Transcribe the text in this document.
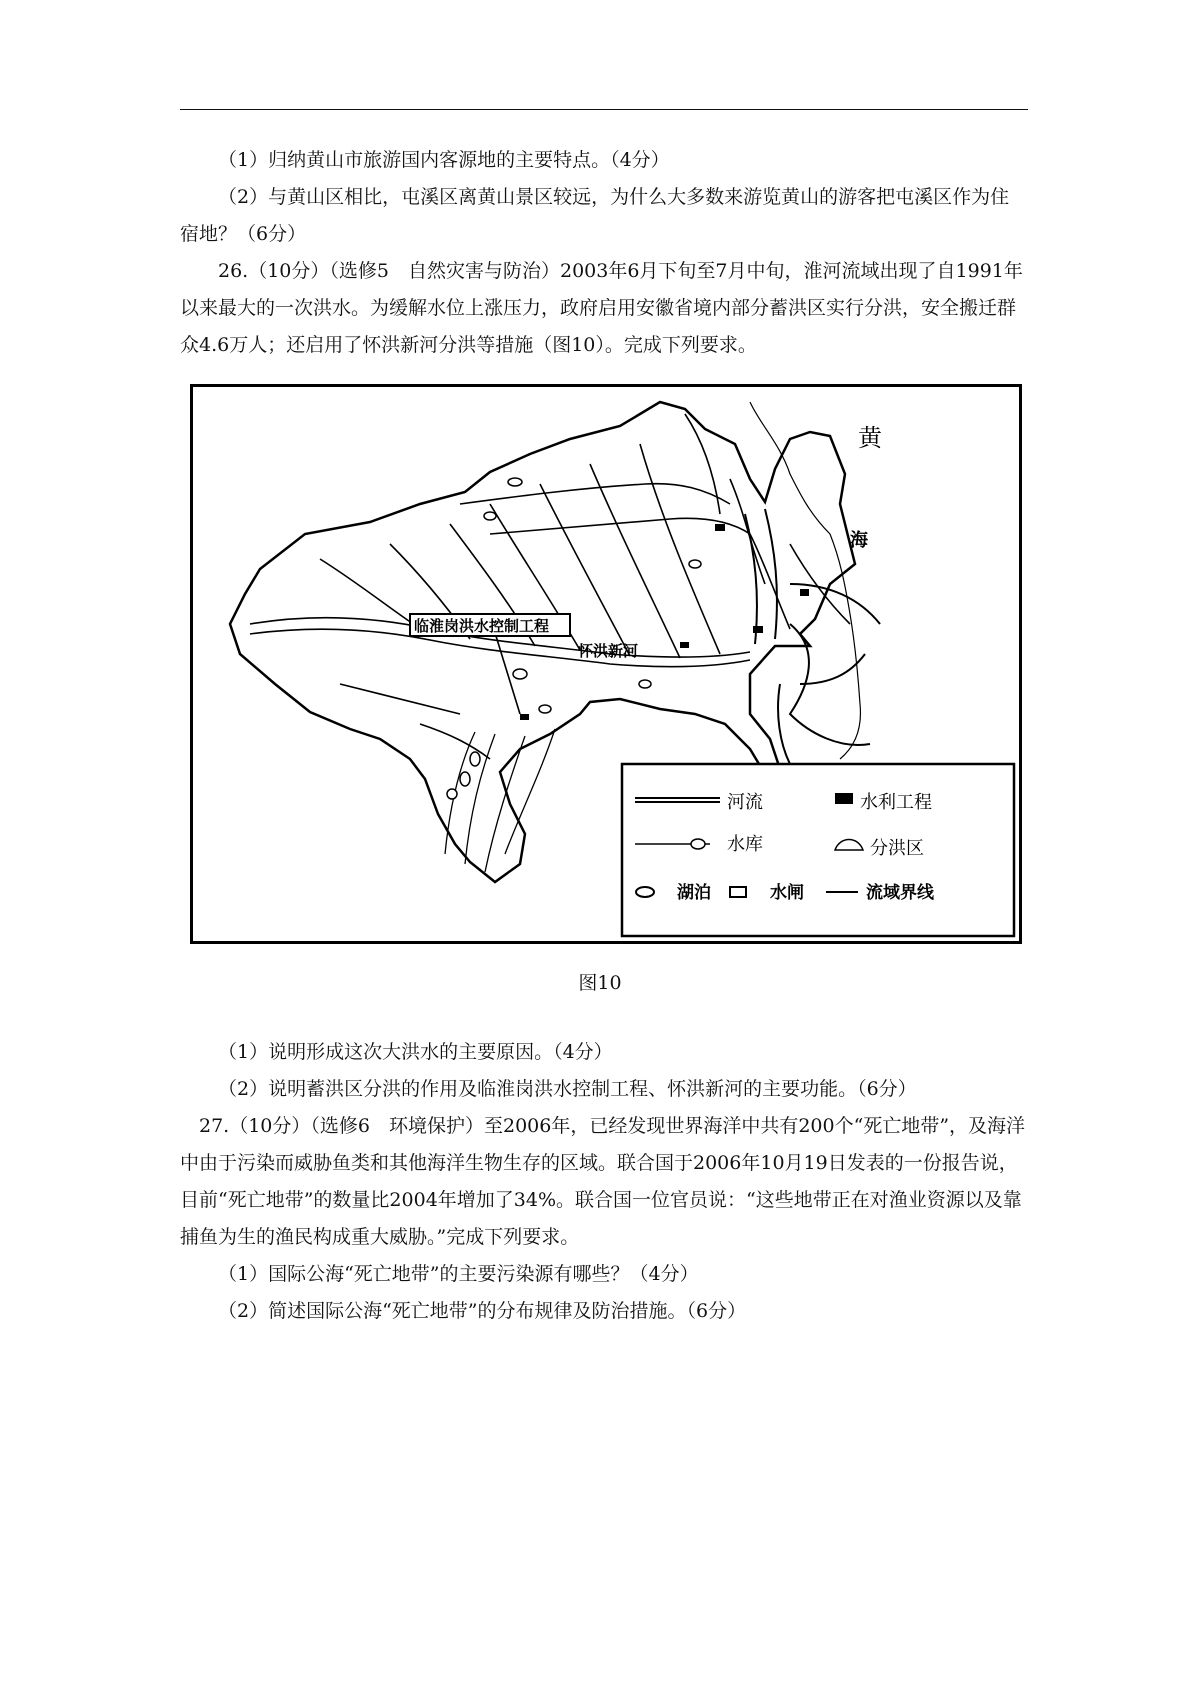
（1）归纳黄山市旅游国内客源地的主要特点。（4分）

（2）与黄山区相比，屯溪区离黄山景区较远，为什么大多数来游览黄山的游客把屯溪区作为住宿地？（6分）

26.（10分）（选修5　自然灾害与防治）2003年6月下旬至7月中旬，淮河流域出现了自1991年以来最大的一次洪水。为缓解水位上涨压力，政府启用安徽省境内部分蓄洪区实行分洪，安全搬迁群众4.6万人；还启用了怀洪新河分洪等措施（图10）。完成下列要求。

黄
海
临淮岗洪水控制工程
怀洪新河
河流	水利工程
水库	分洪区
湖泊	水闸	流域界线
图10

（1）说明形成这次大洪水的主要原因。（4分）

（2）说明蓄洪区分洪的作用及临淮岗洪水控制工程、怀洪新河的主要功能。（6分）

27.（10分）（选修6　环境保护）至2006年，已经发现世界海洋中共有200个“死亡地带”，及海洋中由于污染而威胁鱼类和其他海洋生物生存的区域。联合国于2006年10月19日发表的一份报告说，目前“死亡地带”的数量比2004年增加了34%。联合国一位官员说：“这些地带正在对渔业资源以及靠捕鱼为生的渔民构成重大威胁。”完成下列要求。

（1）国际公海“死亡地带”的主要污染源有哪些？（4分）

（2）简述国际公海“死亡地带”的分布规律及防治措施。（6分）
